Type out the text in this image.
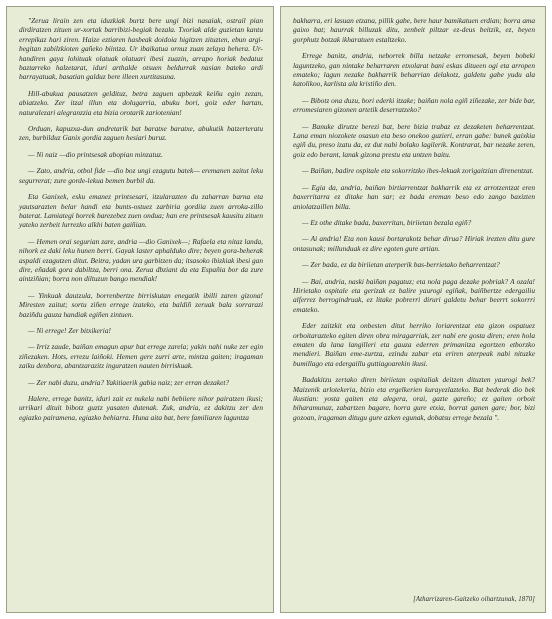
"Zerua lirain zen eta iduzkiak burtz bere ungi bizi nasaiak, ostrail pian dirdiratzen zituen ur-xortak barribizi-begiak bezala. Txoriak alde guzietan kantu errepikaz hari ziren. Haize eztiaren hasbeak doidoia higitzen zituzten, ebun argi-begitan zabilzkioten gañeko biintza. Ur ibaikatua ornuz zuan zelaya behera. Ur-handiren gaya lohituak olatuak olatuari ibesi zuazin, arrapo horiak bedatuz baztarreko halzetarat, iduri arthalde otsuen beldurrak nasian bateko ardi barrayatuak, basatian galduz bere illeen xurtitasuna.

Hill-abukua pausatzen geldituz, betra zaguen apbezak keiñu egin zezan, abiatzeko. Zer itzal illun eta dolugarria, abuku bori, goiz eder hartan, naturalezari alegranzzia eta bizia orotarik zariotenian!

Orduan, kapuzxa-dun andretarik bat baratxe baratxe, abukutik batzerteratu zen, burbilduz Ganix gordia zaguen hesiari buruz.

— Ni naiz —dio printsesak abopian minzatuz.

— Zato, andria, otbol fide —dio boz ungi ezagutu batek— eremanen zaitut leku segurrerat; zure gorde-lekua bemen burbil da.

Eta Ganixek, esku emanez printsesari, itzularazten du zaharran barna eta yautsarazten belar handi eta bunts-ostuez zarbiria gordiia zuen arroka-zillo baterat. Lamiategi borrek barezebez zuen ondua; han ere printsesak kausitu zituen yateko zerbeit lurrezko alkhi baten gaiñian.

— Hemen orai segurian zare, andria —dio Ganixek—; Rafaela eta nitaz landa, nihork ez daki leku hunen berri. Gayak laster aphalduko dire; beyen gora-beherak aspaldi ezagutzen ditut. Beitra, yadan ura garbitzen da; itsasoko ibizkiak ibesi gan dire, eñadak gora dabiltza, berri ona. Zerua dbziant da eta Españia bor da zure aintziñian; borra non diltuzun bango mendiak!

— Yinkuak dautzula, borrenbertze birriskutan enegatik ibilli zaren gizona! Miresten zaitut; sortu ziñen errege izateko, eta baldiñ zeruak bala sorrarazi baziñdu gauza handiak egiñen zintuen.

— Ni errege! Zer bitxikeria!

— Irriz zaude, baiñan emagun apur bat errege zarela; yakin nahi nuke zer egin ziñezaken. Hots, errezu laiñoki. Hemen gere zurri arte, mintza gaiten; iragaman zaiku denbora, abantzarazitz inguratzen nauten birriskuak.

— Zer nabi duzu, andria? Yakitiaerik gabia naiz; zer erran dezaket?

Halere, errege banitz, iduri zait ez nukela nabi bebiiere nihor pairatzen ikusi; urrikari dituit bibotz guztz yasaten dutenak. Zuk, andria, ez dakitzu zer den egiazko pairamena, egiazko behiarra. Huna aita bat, bere familiaren laguntza

bakharra, eri lasuan etzana, pillik gabe, bere haur bamikatuen erdian; borra ama gaixo bat; haurrak billuzak ditu, zenbeit piltzar ez-deus beitzik, ez, beyen gorphutz botzak ikharatuen estaltzeko.

Errege banitz, andria, neborrek billa netzake erromesak, beyen bobeki laguntzeko, gan nintake beharraren etxolarat bani eskas ditueen ogi eta arropen emateko; lagun nezake bakharrik beharrian delakotz, galdetu gabe yudu ala katolikoo, karlista ala kristiño den.

— Bibotz ona duzu, bori ederki itzake; baiñan nola egiñ ziñezake, zer bide bar, erromesiaren gizonen artetik deserratzeko?

— Banuke dirutze berezi bat, bere bizia trabaz ez dezaketen beharrentzat. Lana eman niozokete osasun eta beso onekoo guzieri, erran gabe: bunek gaixkia egiñ du, preso izatu da, ez dut nabi bolako lagilerik. Kontrarat, bar nezake zeren, goiz edo berant, lanak gizona prestu eta untzen baitu.

— Baiñan, badire ospitale eta sokorritzko ibes-lekuak zorigaitzian direnentzat.

— Egia da, andria, baiñan birtiarrentzat bakharrik eta ez arrotzentzat eren baxerritarra ez ditake han sar; ez bada ereman beso edo zango baxizten aniolatzaillen billa.

— Ez othe ditake bada, baxerritan, biriietan bezala egiñ?

— Ai andria! Eta non kausi bortarakotz behar dirua? Hiriak irezten ditu gure ontasunak; millunduak ez dire egoten gure artian.

— Zer bada, ez da biriietan aterperik bas-berrietako beharrentzat?

— Bai, andria, naski baiñan pagatuz; eta nola paga dezake pobriak? A ozala! Hirietako ospitale eta gerizak ez balire yaurogi egiñak, baiñbertze edergailiu alferrez berrogindruak, ez litake pobrerri diruri galdetu behar beerrt sokorrri emateko.

Eder zaitzkit eta onbesten ditut herriko loriarentzat eta gizon ospatuez orboitarazteko egiten diren obra miragarriak, zer nabi ere gosta diren; eren hola ematen da lana langilleri eta gauza ederren primanitza egortzen etborzko mendieri. Baiñan eme-zurtza, ezindu zabar eta eriren aterpeak nabi nituzke bumillago eta edergaillu guttiagoarekin ikusi.

Badakitzu zertako diren biriietan ospitaliak deitzen dituzten yaurogi bek? Maizenik arlotekeria, bizio eta ergelkerien kurayezlazteko. Bat bederak dio bek ikustian: yosta gaiten eta alegera, orai, gazte gareño; ez gaiten orboit biharamunaz, zabartzen bagare, horra gure etxia, borrat ganen gare; bor, bizi gozoan, iragaman ditugu gure azken egunak, dobatsu errege bezala ".

[Atharrizaren-Gaitzeko oihartzunak, 1870]
